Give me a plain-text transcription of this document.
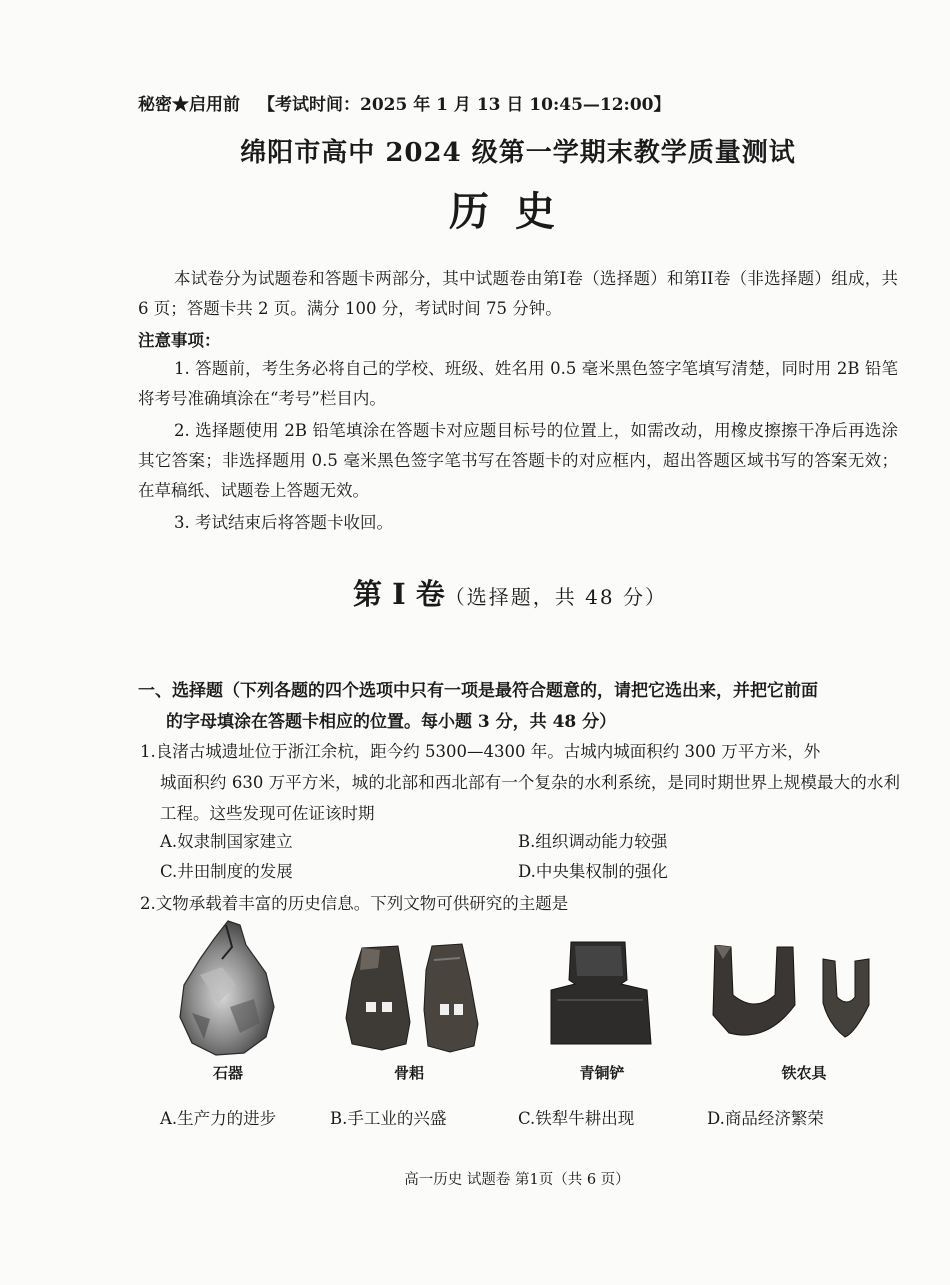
秘密★启用前 【考试时间：2025 年 1 月 13 日 10:45—12:00】
绵阳市高中 2024 级第一学期末教学质量测试
历史
本试卷分为试题卷和答题卡两部分，其中试题卷由第I卷（选择题）和第II卷（非选择题）组成，共 6 页；答题卡共 2 页。满分 100 分，考试时间 75 分钟。
注意事项：
1. 答题前，考生务必将自己的学校、班级、姓名用 0.5 毫米黑色签字笔填写清楚，同时用 2B 铅笔将考号准确填涂在“考号”栏目内。
2. 选择题使用 2B 铅笔填涂在答题卡对应题目标号的位置上，如需改动，用橡皮擦擦干净后再选涂其它答案；非选择题用 0.5 毫米黑色签字笔书写在答题卡的对应框内，超出答题区域书写的答案无效；在草稿纸、试题卷上答题无效。
3. 考试结束后将答题卡收回。
第 I 卷（选择题，共 48 分）
一、选择题（下列各题的四个选项中只有一项是最符合题意的，请把它选出来，并把它前面
的字母填涂在答题卡相应的位置。每小题 3 分，共 48 分）
1.良渚古城遗址位于浙江余杭，距今约 5300—4300 年。古城内城面积约 300 万平方米，外
城面积约 630 万平方米，城的北部和西北部有一个复杂的水利系统，是同时期世界上规模最大的水利工程。这些发现可佐证该时期
A.奴隶制国家建立	B.组织调动能力较强
C.井田制度的发展	D.中央集权制的强化
2.文物承载着丰富的历史信息。下列文物可供研究的主题是
石器	骨耜	青铜铲	铁农具
A.生产力的进步	B.手工业的兴盛	C.铁犁牛耕出现	D.商品经济繁荣
高一历史 试题卷 第1页（共 6 页）
